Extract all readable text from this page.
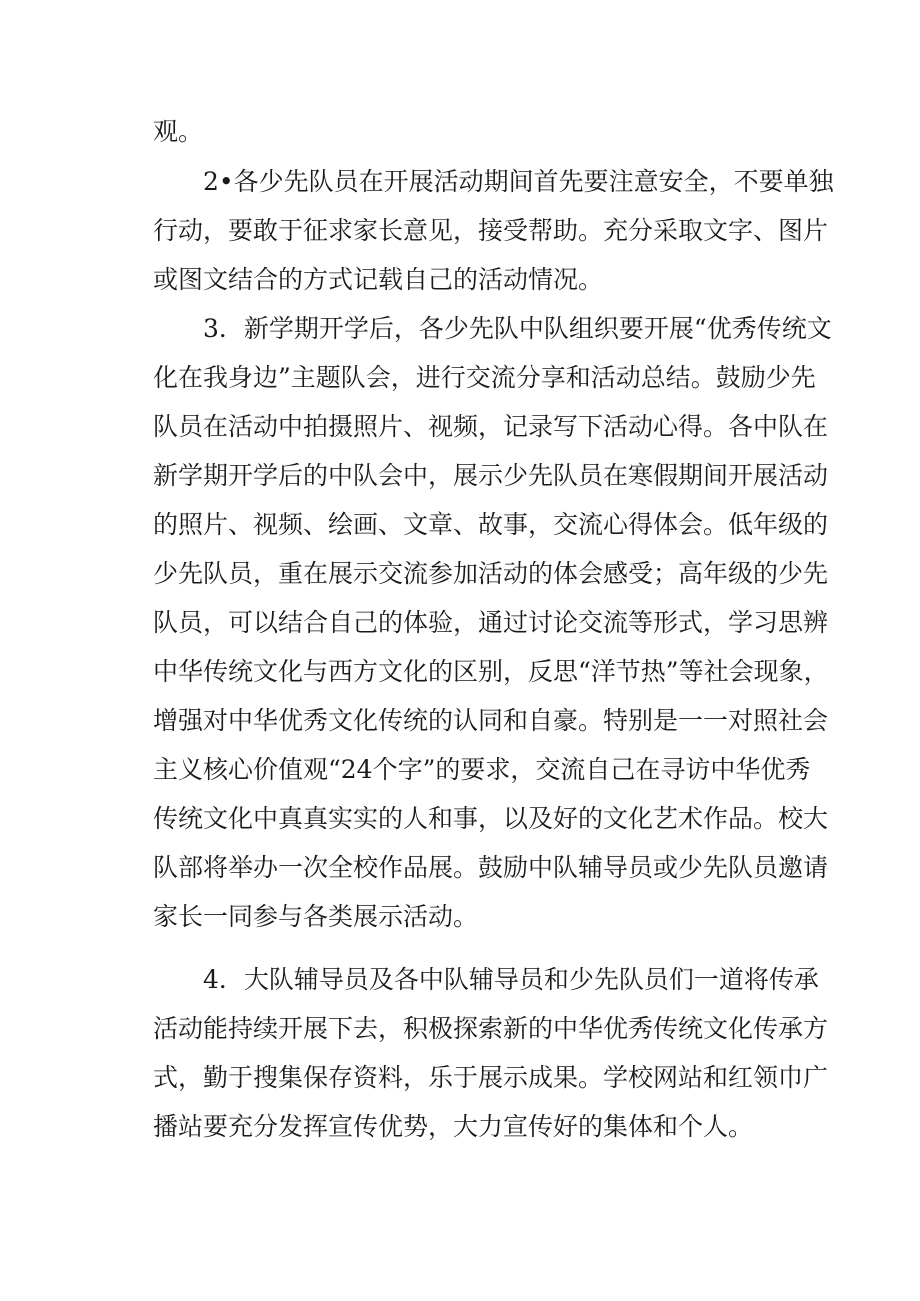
观。
2•各少先队员在开展活动期间首先要注意安全，不要单独
行动，要敢于征求家长意见，接受帮助。充分采取文字、图片
或图文结合的方式记载自己的活动情况。
3．新学期开学后，各少先队中队组织要开展“优秀传统文
化在我身边”主题队会，进行交流分享和活动总结。鼓励少先
队员在活动中拍摄照片、视频，记录写下活动心得。各中队在
新学期开学后的中队会中，展示少先队员在寒假期间开展活动
的照片、视频、绘画、文章、故事，交流心得体会。低年级的
少先队员，重在展示交流参加活动的体会感受；高年级的少先
队员，可以结合自己的体验，通过讨论交流等形式，学习思辨
中华传统文化与西方文化的区别，反思“洋节热”等社会现象，
增强对中华优秀文化传统的认同和自豪。特别是一一对照社会
主义核心价值观“24个字”的要求，交流自己在寻访中华优秀
传统文化中真真实实的人和事，以及好的文化艺术作品。校大
队部将举办一次全校作品展。鼓励中队辅导员或少先队员邀请
家长一同参与各类展示活动。
4．大队辅导员及各中队辅导员和少先队员们一道将传承
活动能持续开展下去，积极探索新的中华优秀传统文化传承方
式，勤于搜集保存资料，乐于展示成果。学校网站和红领巾广
播站要充分发挥宣传优势，大力宣传好的集体和个人。
